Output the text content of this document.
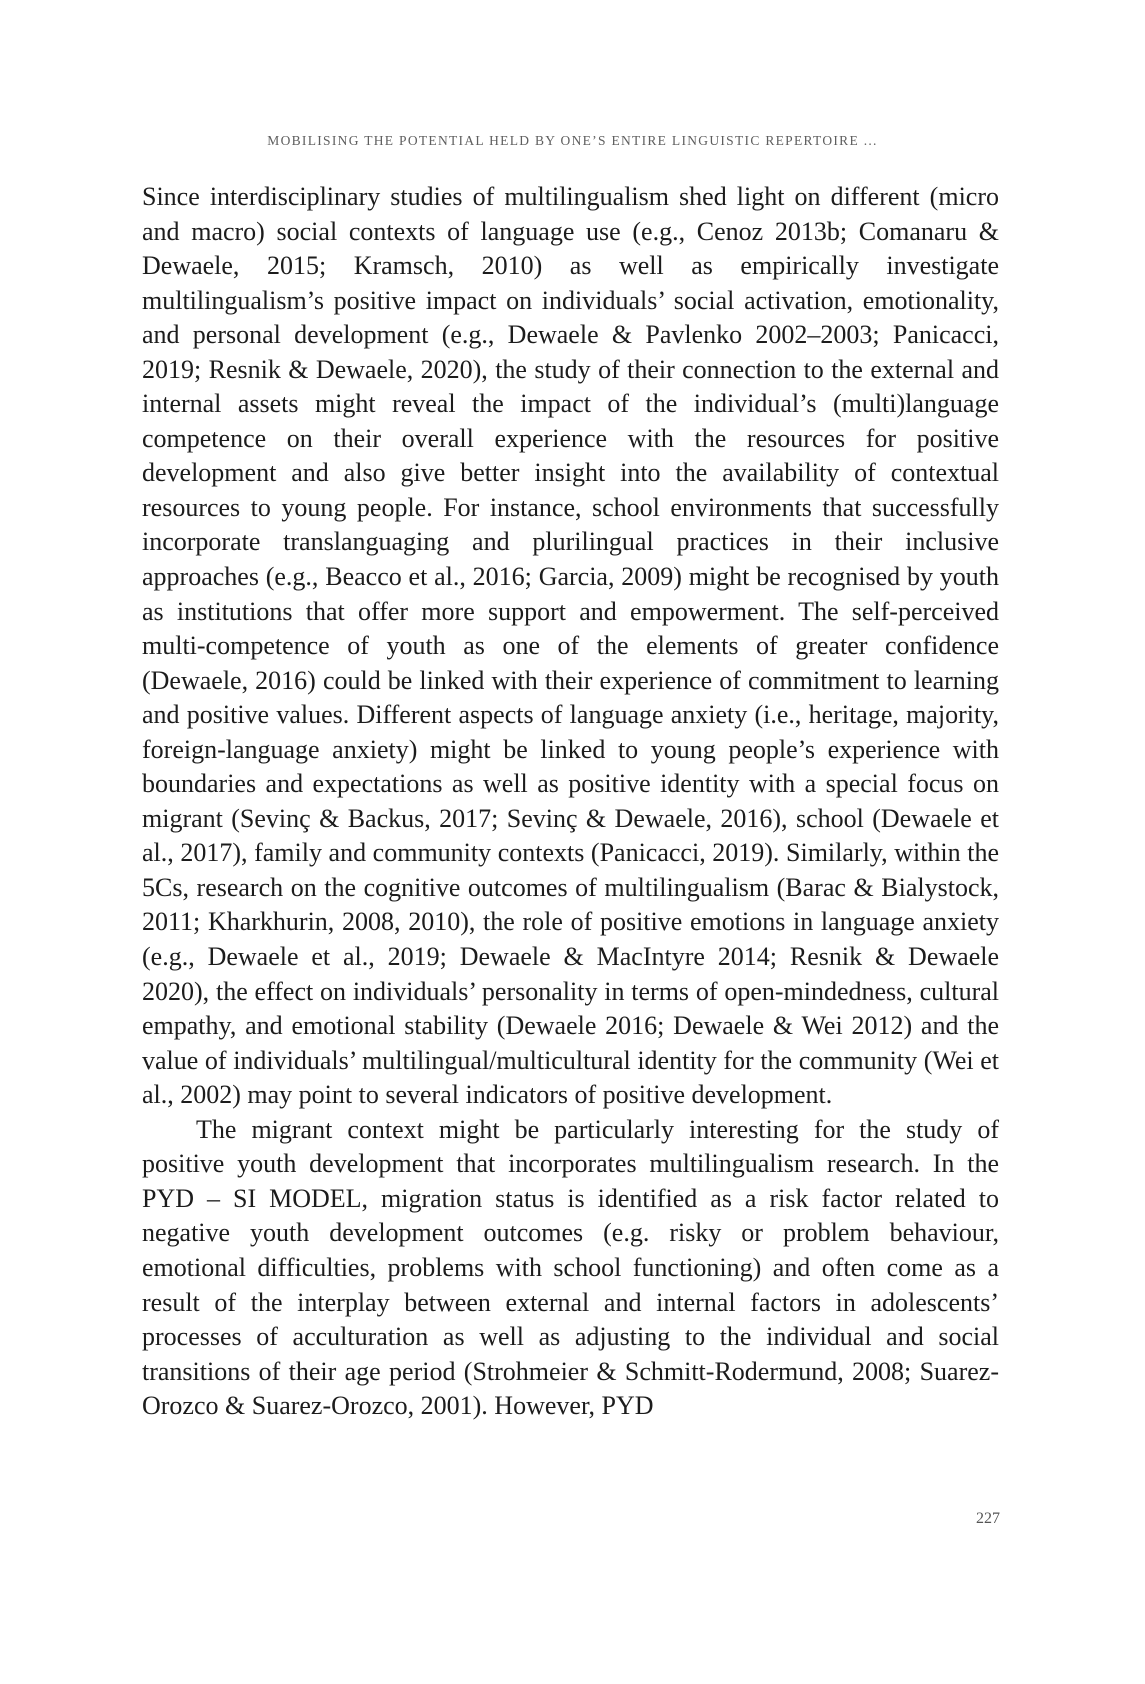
MOBILISING THE POTENTIAL HELD BY ONE’S ENTIRE LINGUISTIC REPERTOIRE ...

Since interdisciplinary studies of multilingualism shed light on different (micro and macro) social contexts of language use (e.g., Cenoz 2013b; Comanaru & Dewaele, 2015; Kramsch, 2010) as well as empirically investigate multilingualism’s positive impact on individuals’ social activation, emotionality, and personal development (e.g., Dewaele & Pavlenko 2002–2003; Panicacci, 2019; Resnik & Dewaele, 2020), the study of their connection to the external and internal assets might reveal the impact of the individual’s (multi)language competence on their overall experience with the resources for positive development and also give better insight into the availability of contextual resources to young people. For instance, school environments that successfully incorporate translanguaging and plurilingual practices in their inclusive approaches (e.g., Beacco et al., 2016; Garcia, 2009) might be recognised by youth as institutions that offer more support and empowerment. The self-perceived multi-competence of youth as one of the elements of greater confidence (Dewaele, 2016) could be linked with their experience of commitment to learning and positive values. Different aspects of language anxiety (i.e., heritage, majority, foreign-language anxiety) might be linked to young people’s experience with boundaries and expectations as well as positive identity with a special focus on migrant (Sevinç & Backus, 2017; Sevinç & Dewaele, 2016), school (Dewaele et al., 2017), family and community contexts (Panicacci, 2019). Similarly, within the 5Cs, research on the cognitive outcomes of multilingualism (Barac & Bialystock, 2011; Kharkhurin, 2008, 2010), the role of positive emotions in language anxiety (e.g., Dewaele et al., 2019; Dewaele & MacIntyre 2014; Resnik & Dewaele 2020), the effect on individuals’ personality in terms of open-mindedness, cultural empathy, and emotional stability (Dewaele 2016; Dewaele & Wei 2012) and the value of individuals’ multilingual/multicultural identity for the community (Wei et al., 2002) may point to several indicators of positive development.

The migrant context might be particularly interesting for the study of positive youth development that incorporates multilingualism research. In the PYD – SI MODEL, migration status is identified as a risk factor related to negative youth development outcomes (e.g. risky or problem behaviour, emotional difficulties, problems with school functioning) and often come as a result of the interplay between external and internal factors in adolescents’ processes of acculturation as well as adjusting to the individual and social transitions of their age period (Strohmeier & Schmitt-Rodermund, 2008; Suarez-Orozco & Suarez-Orozco, 2001). However, PYD

227
